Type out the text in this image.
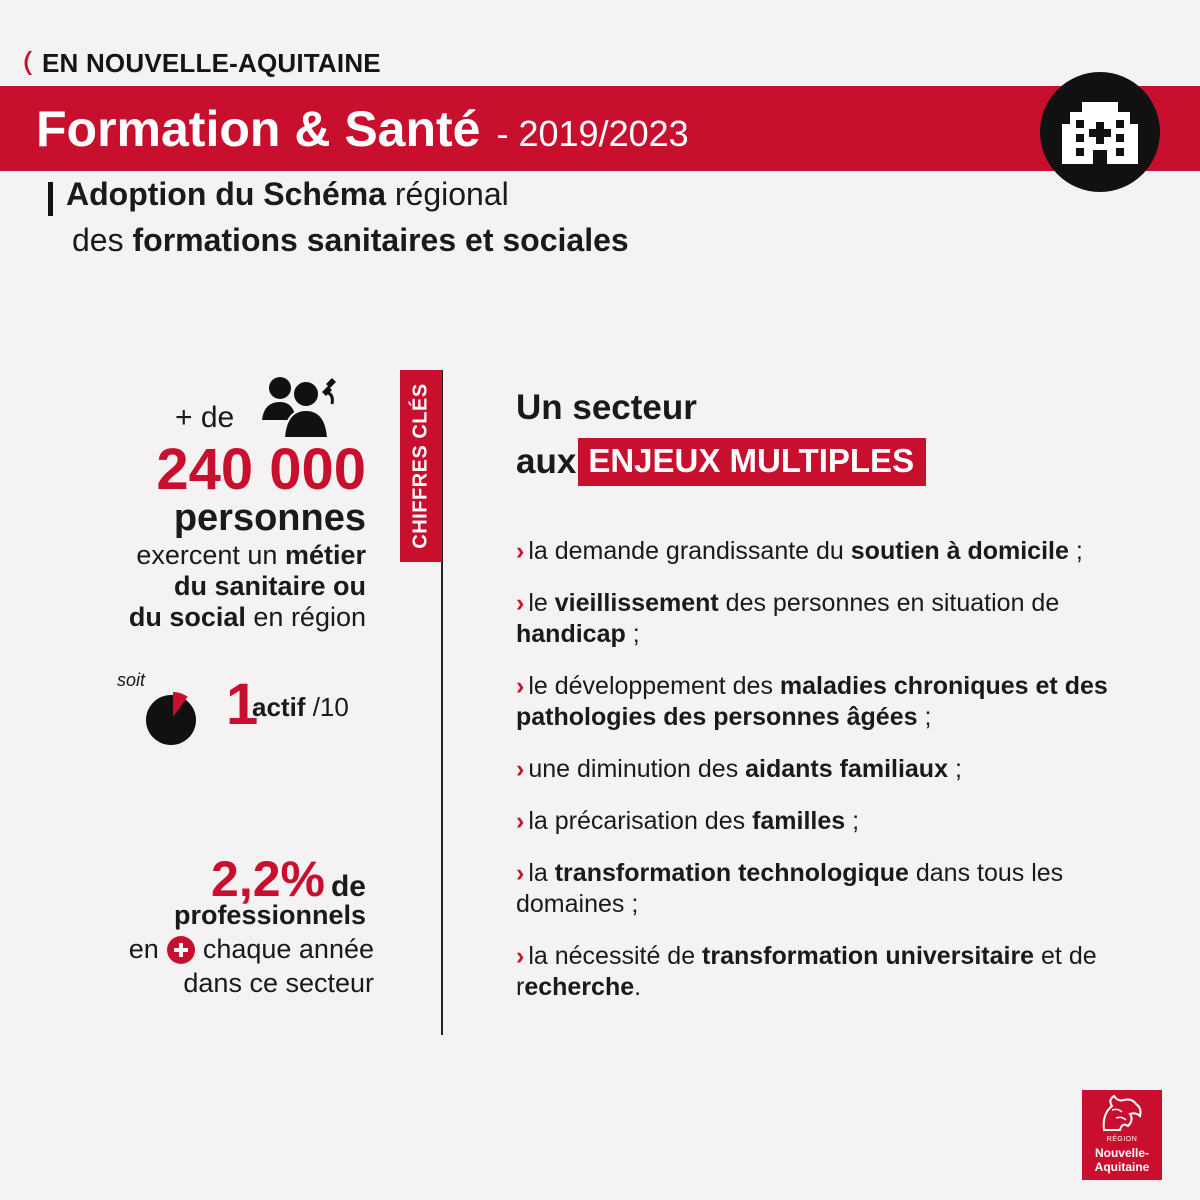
EN NOUVELLE-AQUITAINE
Formation & Santé - 2019/2023
Adoption du Schéma régional
des formations sanitaires et sociales
+ de
240 000
personnes
exercent un métier
du sanitaire ou
du social en région
soit 1
actif /10
2,2% de
professionnels
en chaque année
dans ce secteur
CHIFFRES CLÉS Un secteur
aux ENJEUX MULTIPLES
› la demande grandissante du soutien à domicile ;
› le vieillissement des personnes en situation de handicap ;
› le développement des maladies chroniques et des pathologies des personnes âgées ;
› une diminution des aidants familiaux ;
› la précarisation des familles ;
› la transformation technologique dans tous les domaines ;
› la nécessité de transformation universitaire et de recherche.
RÉGION
Nouvelle-
Aquitaine
